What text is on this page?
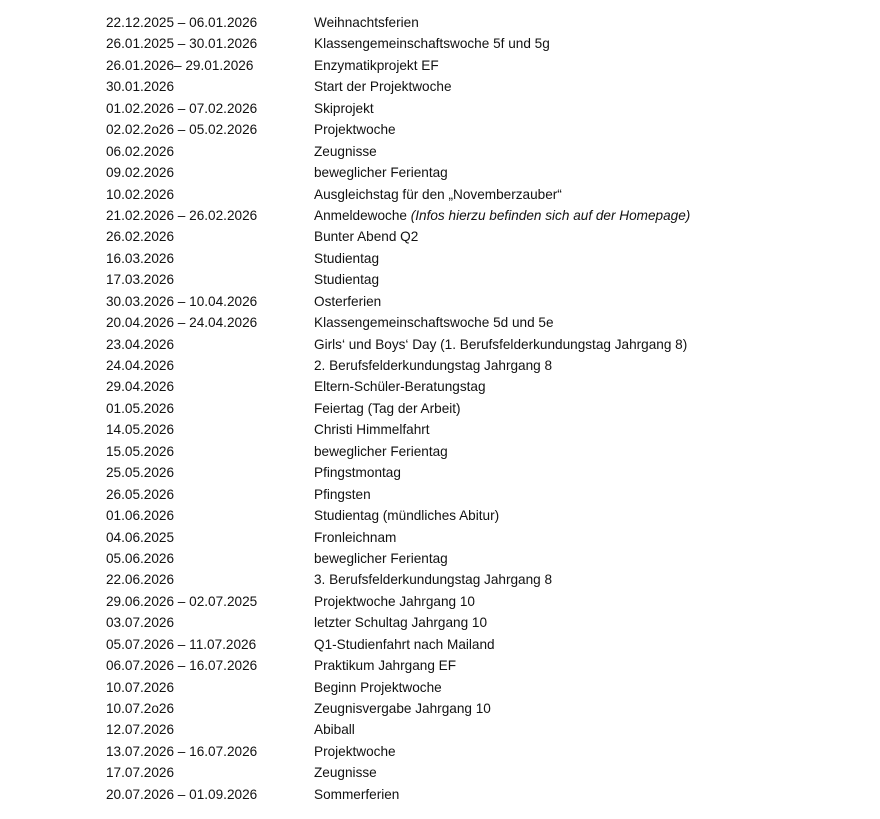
22.12.2025 – 06.01.2026	Weihnachtsferien
26.01.2025 – 30.01.2026	Klassengemeinschaftswoche 5f und 5g
26.01.2026– 29.01.2026	Enzymatikprojekt EF
30.01.2026	Start der Projektwoche
01.02.2026 – 07.02.2026	Skiprojekt
02.02.2o26 – 05.02.2026	Projektwoche
06.02.2026	Zeugnisse
09.02.2026	beweglicher Ferientag
10.02.2026	Ausgleichstag für den „Novemberzauber“
21.02.2026 – 26.02.2026	Anmeldewoche (Infos hierzu befinden sich auf der Homepage)
26.02.2026	Bunter Abend Q2
16.03.2026	Studientag
17.03.2026	Studientag
30.03.2026 – 10.04.2026	Osterferien
20.04.2026 – 24.04.2026	Klassengemeinschaftswoche 5d und 5e
23.04.2026	Girls‘ und Boys‘ Day (1. Berufsfelderkundungstag Jahrgang 8)
24.04.2026	2. Berufsfelderkundungstag Jahrgang 8
29.04.2026	Eltern-Schüler-Beratungstag
01.05.2026	Feiertag (Tag der Arbeit)
14.05.2026	Christi Himmelfahrt
15.05.2026	beweglicher Ferientag
25.05.2026	Pfingstmontag
26.05.2026	Pfingsten
01.06.2026	Studientag (mündliches Abitur)
04.06.2025	Fronleichnam
05.06.2026	beweglicher Ferientag
22.06.2026	3. Berufsfelderkundungstag Jahrgang 8
29.06.2026 – 02.07.2025	Projektwoche Jahrgang 10
03.07.2026	letzter Schultag Jahrgang 10
05.07.2026 – 11.07.2026	Q1-Studienfahrt nach Mailand
06.07.2026 – 16.07.2026	Praktikum Jahrgang EF
10.07.2026	Beginn Projektwoche
10.07.2o26	Zeugnisvergabe Jahrgang 10
12.07.2026	Abiball
13.07.2026 – 16.07.2026	Projektwoche
17.07.2026	Zeugnisse
20.07.2026 – 01.09.2026	Sommerferien
